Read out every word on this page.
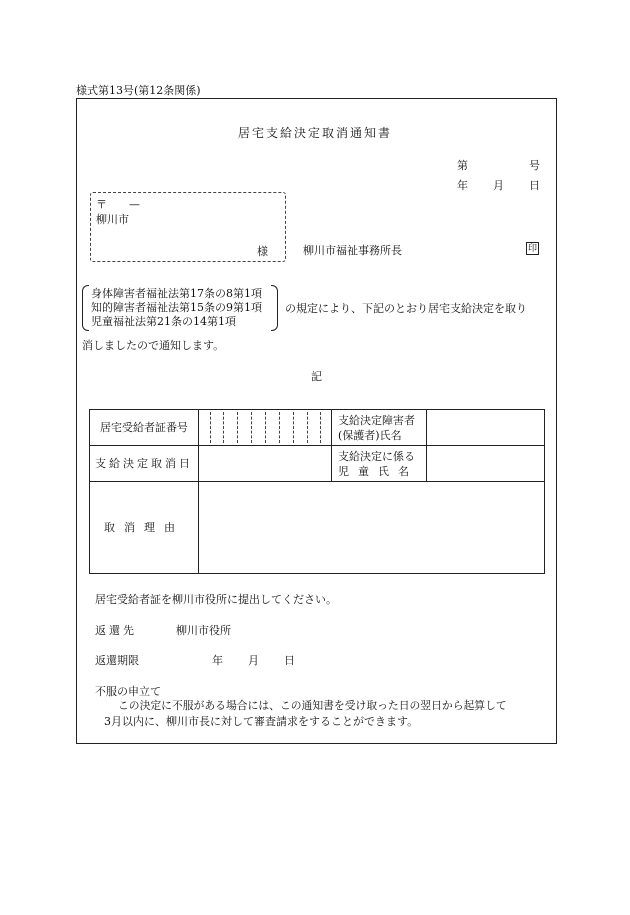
様式第13号(第12条関係)
居宅支給決定取消通知書
第	号
年 月 日
〒　　—
柳川市
様	柳川市福祉事務所長	印
身体障害者福祉法第17条の8第1項
知的障害者福祉法第15条の9第1項
児童福祉法第21条の14第1項
の規定により、下記のとおり居宅支給決定を取り
消しましたので通知します。
記
居宅受給者証番号		支給決定障害者
(保護者)氏名	

支給決定取消日		支給決定に係る
児童氏名	

取消理由			
居宅受給者証を柳川市役所に提出してください。
返還先	柳川市役所
返還期限	年 月 日
不服の申立て
この決定に不服がある場合には、この通知書を受け取った日の翌日から起算して
3月以内に、柳川市長に対して審査請求をすることができます。
